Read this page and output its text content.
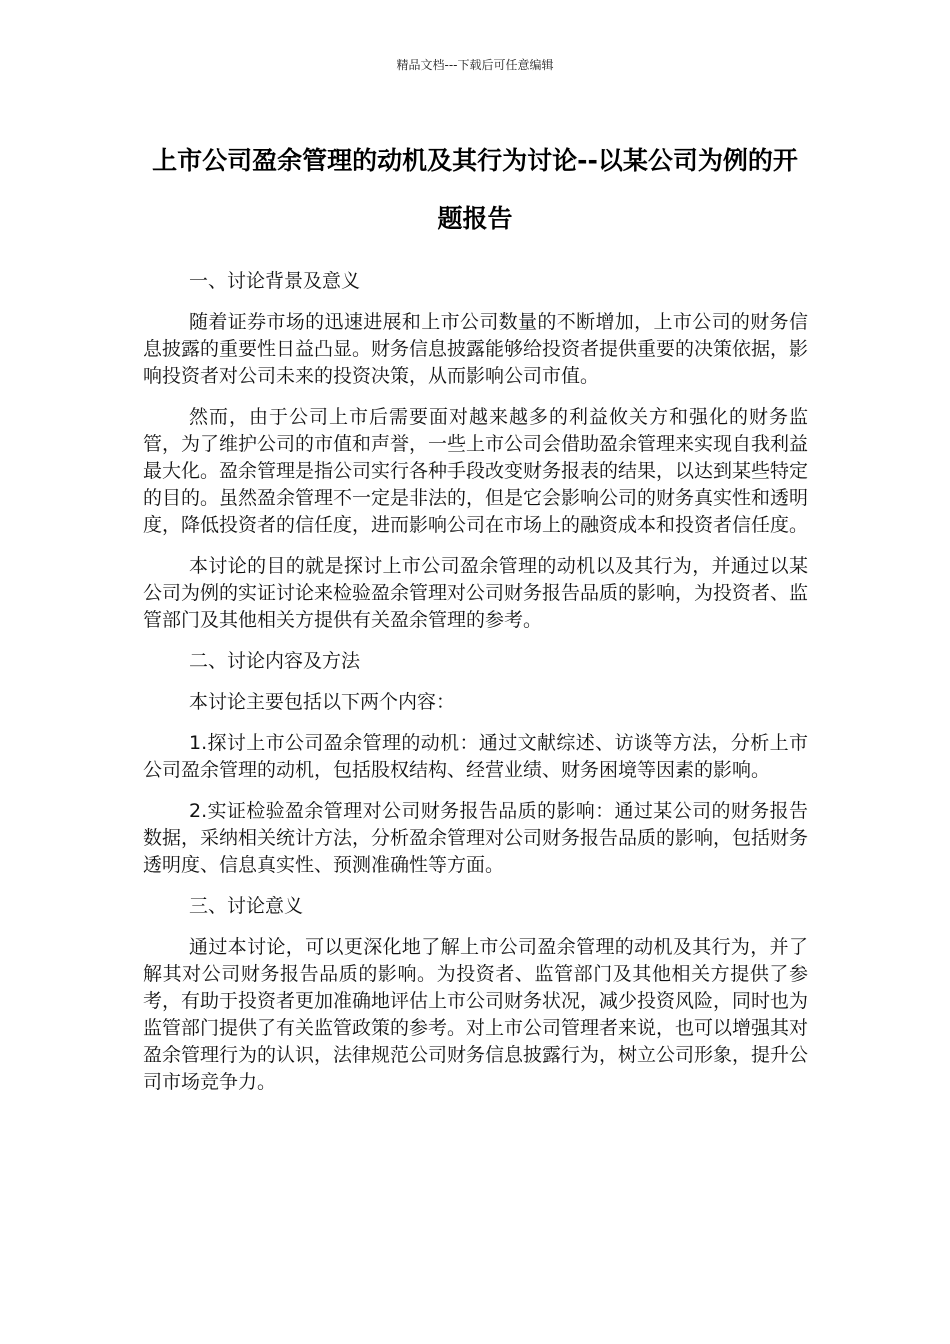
精品文档---下载后可任意编辑
上市公司盈余管理的动机及其行为讨论--以某公司为例的开题报告

一、讨论背景及意义

随着证券市场的迅速进展和上市公司数量的不断增加，上市公司的财务信息披露的重要性日益凸显。财务信息披露能够给投资者提供重要的决策依据，影响投资者对公司未来的投资决策，从而影响公司市值。

然而，由于公司上市后需要面对越来越多的利益攸关方和强化的财务监管，为了维护公司的市值和声誉，一些上市公司会借助盈余管理来实现自我利益最大化。盈余管理是指公司实行各种手段改变财务报表的结果，以达到某些特定的目的。虽然盈余管理不一定是非法的，但是它会影响公司的财务真实性和透明度，降低投资者的信任度，进而影响公司在市场上的融资成本和投资者信任度。

本讨论的目的就是探讨上市公司盈余管理的动机以及其行为，并通过以某公司为例的实证讨论来检验盈余管理对公司财务报告品质的影响，为投资者、监管部门及其他相关方提供有关盈余管理的参考。

二、讨论内容及方法

本讨论主要包括以下两个内容：

1.探讨上市公司盈余管理的动机：通过文献综述、访谈等方法，分析上市公司盈余管理的动机，包括股权结构、经营业绩、财务困境等因素的影响。

2.实证检验盈余管理对公司财务报告品质的影响：通过某公司的财务报告数据，采纳相关统计方法，分析盈余管理对公司财务报告品质的影响，包括财务透明度、信息真实性、预测准确性等方面。

三、讨论意义

通过本讨论，可以更深化地了解上市公司盈余管理的动机及其行为，并了解其对公司财务报告品质的影响。为投资者、监管部门及其他相关方提供了参考，有助于投资者更加准确地评估上市公司财务状况，减少投资风险，同时也为监管部门提供了有关监管政策的参考。对上市公司管理者来说，也可以增强其对盈余管理行为的认识，法律规范公司财务信息披露行为，树立公司形象，提升公司市场竞争力。
